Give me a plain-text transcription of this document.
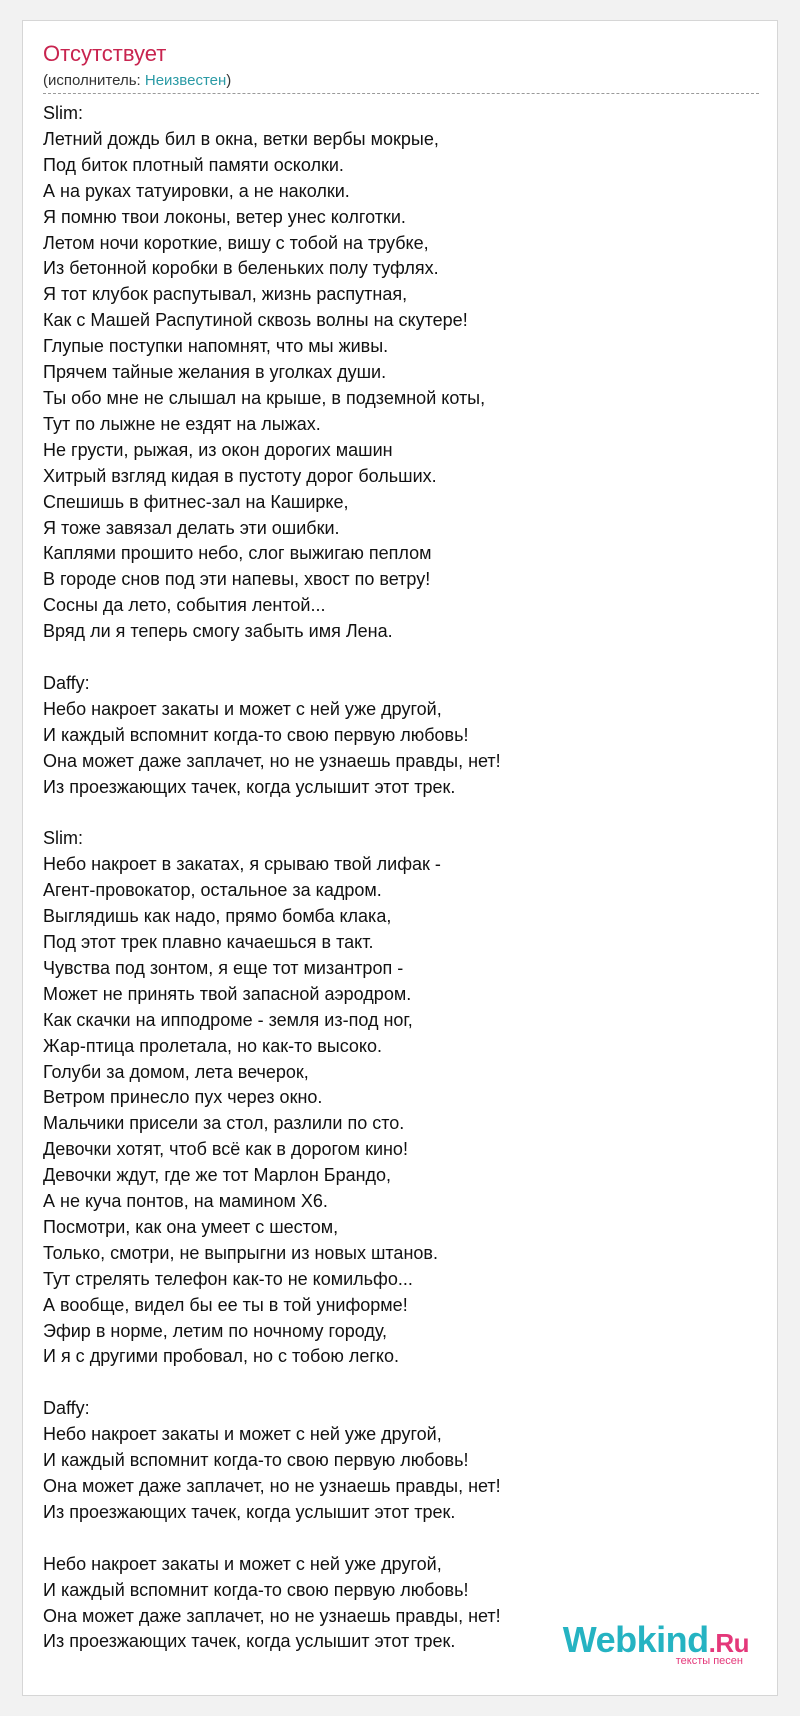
Отсутствует
(исполнитель: Неизвестен)
Slim:
Летний дождь бил в окна, ветки вербы мокрые,
Под биток плотный памяти осколки.
А на руках татуировки, а не наколки.
Я помню твои локоны, ветер унес колготки.
Летом ночи короткие, вишу с тобой на трубке,
Из бетонной коробки в беленьких полу туфлях.
Я тот клубок распутывал, жизнь распутная,
Как с Машей Распутиной сквозь волны на скутере!
Глупые поступки напомнят, что мы живы.
Прячем тайные желания в уголках души.
Ты обо мне не слышал на крыше, в подземной коты,
Тут по лыжне не ездят на лыжах.
Не грусти, рыжая, из окон дорогих машин
Хитрый взгляд кидая в пустоту дорог больших.
Спешишь в фитнес-зал на Каширке,
Я тоже завязал делать эти ошибки.
Каплями прошито небо, слог выжигаю пеплом
В городе снов под эти напевы, хвост по ветру!
Сосны да лето, события лентой...
Вряд ли я теперь смогу забыть имя Лена.
Daffy:
Небо накроет закаты и может с ней уже другой,
И каждый вспомнит когда-то свою первую любовь!
Она может даже заплачет, но не узнаешь правды, нет!
Из проезжающих тачек, когда услышит этот трек.
Slim:
Небо накроет в закатах, я срываю твой лифак -
Агент-провокатор, остальное за кадром.
Выглядишь как надо, прямо бомба клака,
Под этот трек плавно качаешься в такт.
Чувства под зонтом, я еще тот мизантроп -
Может не принять твой запасной аэродром.
Как скачки на ипподроме - земля из-под ног,
Жар-птица пролетала, но как-то высоко.
Голуби за домом, лета вечерок,
Ветром принесло пух через окно.
Мальчики присели за стол, разлили по сто.
Девочки хотят, чтоб всё как в дорогом кино!
Девочки ждут, где же тот Марлон Брандо,
А не куча понтов, на мамином Х6.
Посмотри, как она умеет с шестом,
Только, смотри, не выпрыгни из новых штанов.
Тут стрелять телефон как-то не комильфо...
А вообще, видел бы ее ты в той униформе!
Эфир в норме, летим по ночному городу,
И я с другими пробовал, но с тобою легко.
Daffy:
Небо накроет закаты и может с ней уже другой,
И каждый вспомнит когда-то свою первую любовь!
Она может даже заплачет, но не узнаешь правды, нет!
Из проезжающих тачек, когда услышит этот трек.
Небо накроет закаты и может с ней уже другой,
И каждый вспомнит когда-то свою первую любовь!
Она может даже заплачет, но не узнаешь правды, нет!
Из проезжающих тачек, когда услышит этот трек.	Webkind.Ru
тексты песен
